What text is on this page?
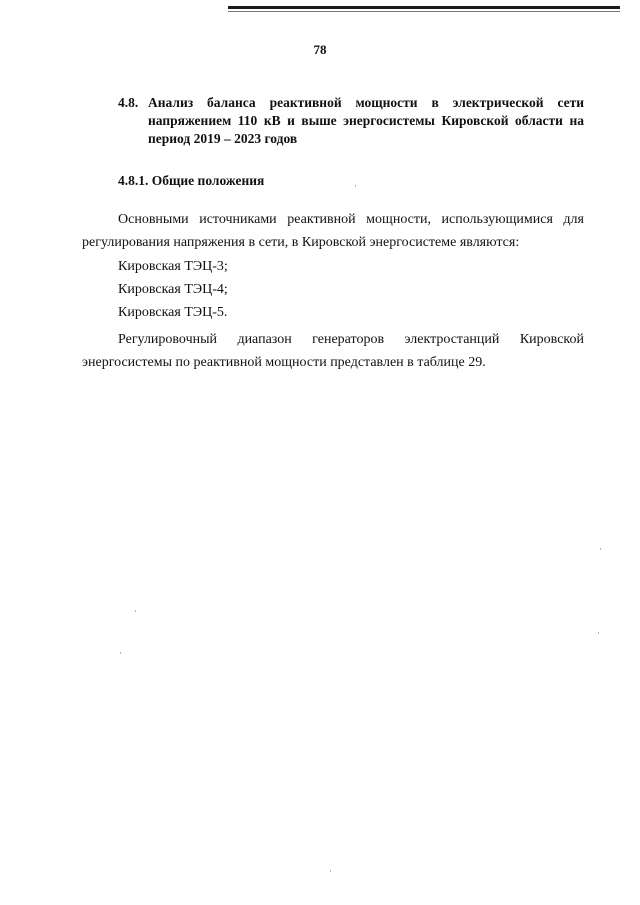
78
4.8. Анализ баланса реактивной мощности в электрической сети напряжением 110 кВ и выше энергосистемы Кировской области на период 2019 – 2023 годов
4.8.1. Общие положения
Основными источниками реактивной мощности, использующимися для регулирования напряжения в сети, в Кировской энергосистеме являются:
Кировская ТЭЦ-3;
Кировская ТЭЦ-4;
Кировская ТЭЦ-5.
Регулировочный диапазон генераторов электростанций Кировской энергосистемы по реактивной мощности представлен в таблице 29.
